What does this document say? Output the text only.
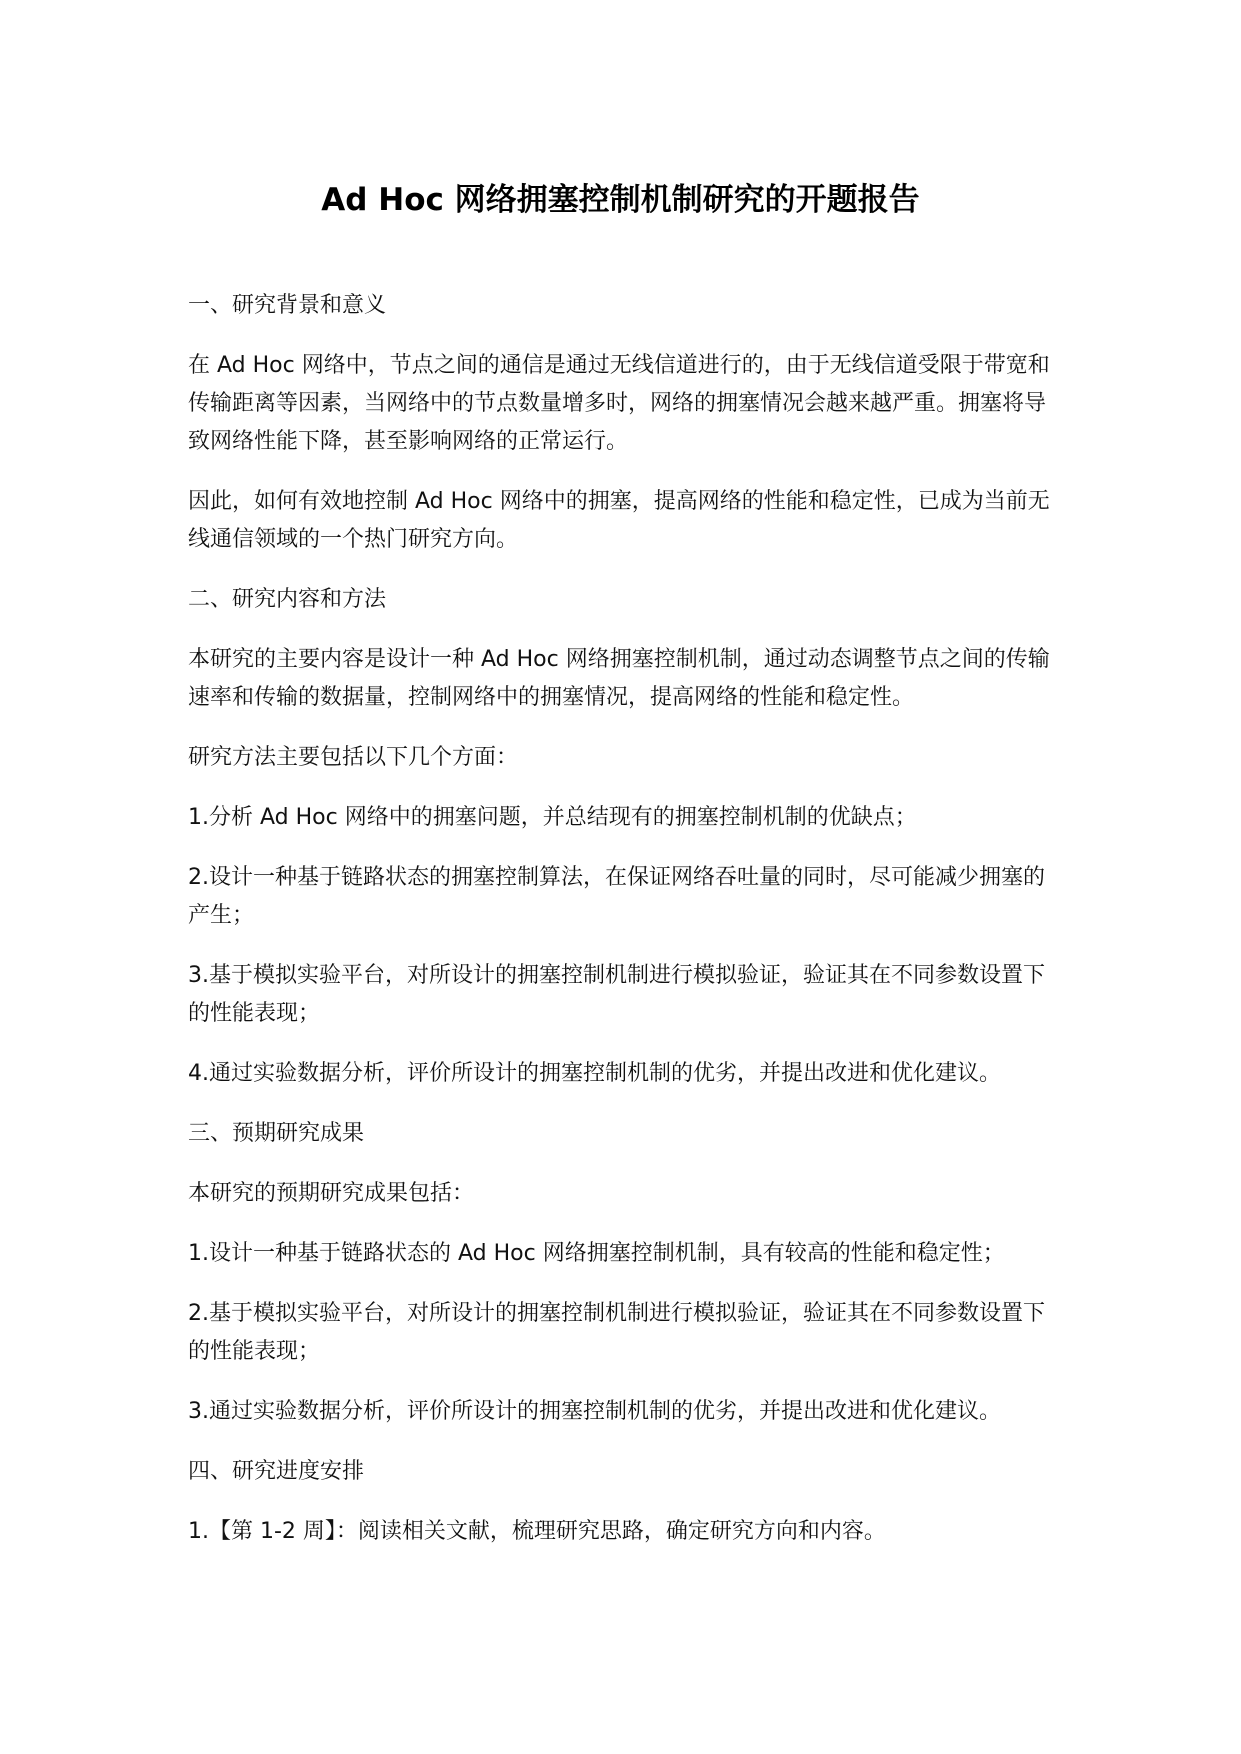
Ad Hoc 网络拥塞控制机制研究的开题报告

一、研究背景和意义

在 Ad Hoc 网络中，节点之间的通信是通过无线信道进行的，由于无线信道受限于带宽和传输距离等因素，当网络中的节点数量增多时，网络的拥塞情况会越来越严重。拥塞将导致网络性能下降，甚至影响网络的正常运行。

因此，如何有效地控制 Ad Hoc 网络中的拥塞，提高网络的性能和稳定性，已成为当前无线通信领域的一个热门研究方向。

二、研究内容和方法

本研究的主要内容是设计一种 Ad Hoc 网络拥塞控制机制，通过动态调整节点之间的传输速率和传输的数据量，控制网络中的拥塞情况，提高网络的性能和稳定性。

研究方法主要包括以下几个方面：

1.分析 Ad Hoc 网络中的拥塞问题，并总结现有的拥塞控制机制的优缺点；

2.设计一种基于链路状态的拥塞控制算法，在保证网络吞吐量的同时，尽可能减少拥塞的产生；

3.基于模拟实验平台，对所设计的拥塞控制机制进行模拟验证，验证其在不同参数设置下的性能表现；

4.通过实验数据分析，评价所设计的拥塞控制机制的优劣，并提出改进和优化建议。

三、预期研究成果

本研究的预期研究成果包括：

1.设计一种基于链路状态的 Ad Hoc 网络拥塞控制机制，具有较高的性能和稳定性；

2.基于模拟实验平台，对所设计的拥塞控制机制进行模拟验证，验证其在不同参数设置下的性能表现；

3.通过实验数据分析，评价所设计的拥塞控制机制的优劣，并提出改进和优化建议。

四、研究进度安排

1.【第 1-2 周】：阅读相关文献，梳理研究思路，确定研究方向和内容。
